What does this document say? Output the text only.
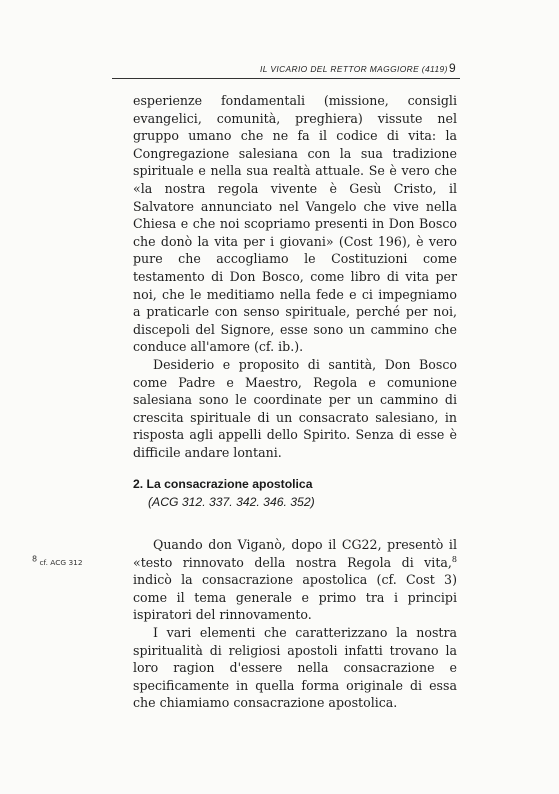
IL VICARIO DEL RETTOR MAGGIORE (4119) 9

esperienze fondamentali (missione, consigli evangelici, comunità, preghiera) vissute nel gruppo umano che ne fa il codice di vita: la Congregazione salesiana con la sua tradizione spirituale e nella sua realtà attuale. Se è vero che «la nostra regola vivente è Gesù Cristo, il Salvatore annunciato nel Vangelo che vive nella Chiesa e che noi scopriamo presenti in Don Bosco che donò la vita per i giovani» (Cost 196), è vero pure che accogliamo le Costituzioni come testamento di Don Bosco, come libro di vita per noi, che le meditiamo nella fede e ci impegniamo a praticarle con senso spirituale, perché per noi, discepoli del Signore, esse sono un cammino che conduce all'amore (cf. ib.).

Desiderio e proposito di santità, Don Bosco come Padre e Maestro, Regola e comunione salesiana sono le coordinate per un cammino di crescita spirituale di un consacrato salesiano, in risposta agli appelli dello Spirito. Senza di esse è difficile andare lontani.

2. La consacrazione apostolica
(ACG 312. 337. 342. 346. 352)
$^8$ cf. ACG 312

Quando don Viganò, dopo il CG22, presentò il «testo rinnovato della nostra Regola di vita,$^8$ indicò la consacrazione apostolica (cf. Cost 3) come il tema generale e primo tra i principi ispiratori del rinnovamento.

I vari elementi che caratterizzano la nostra spiritualità di religiosi apostoli infatti trovano la loro ragion d'essere nella consacrazione e specificamente in quella forma originale di essa che chiamiamo consacrazione apostolica.
